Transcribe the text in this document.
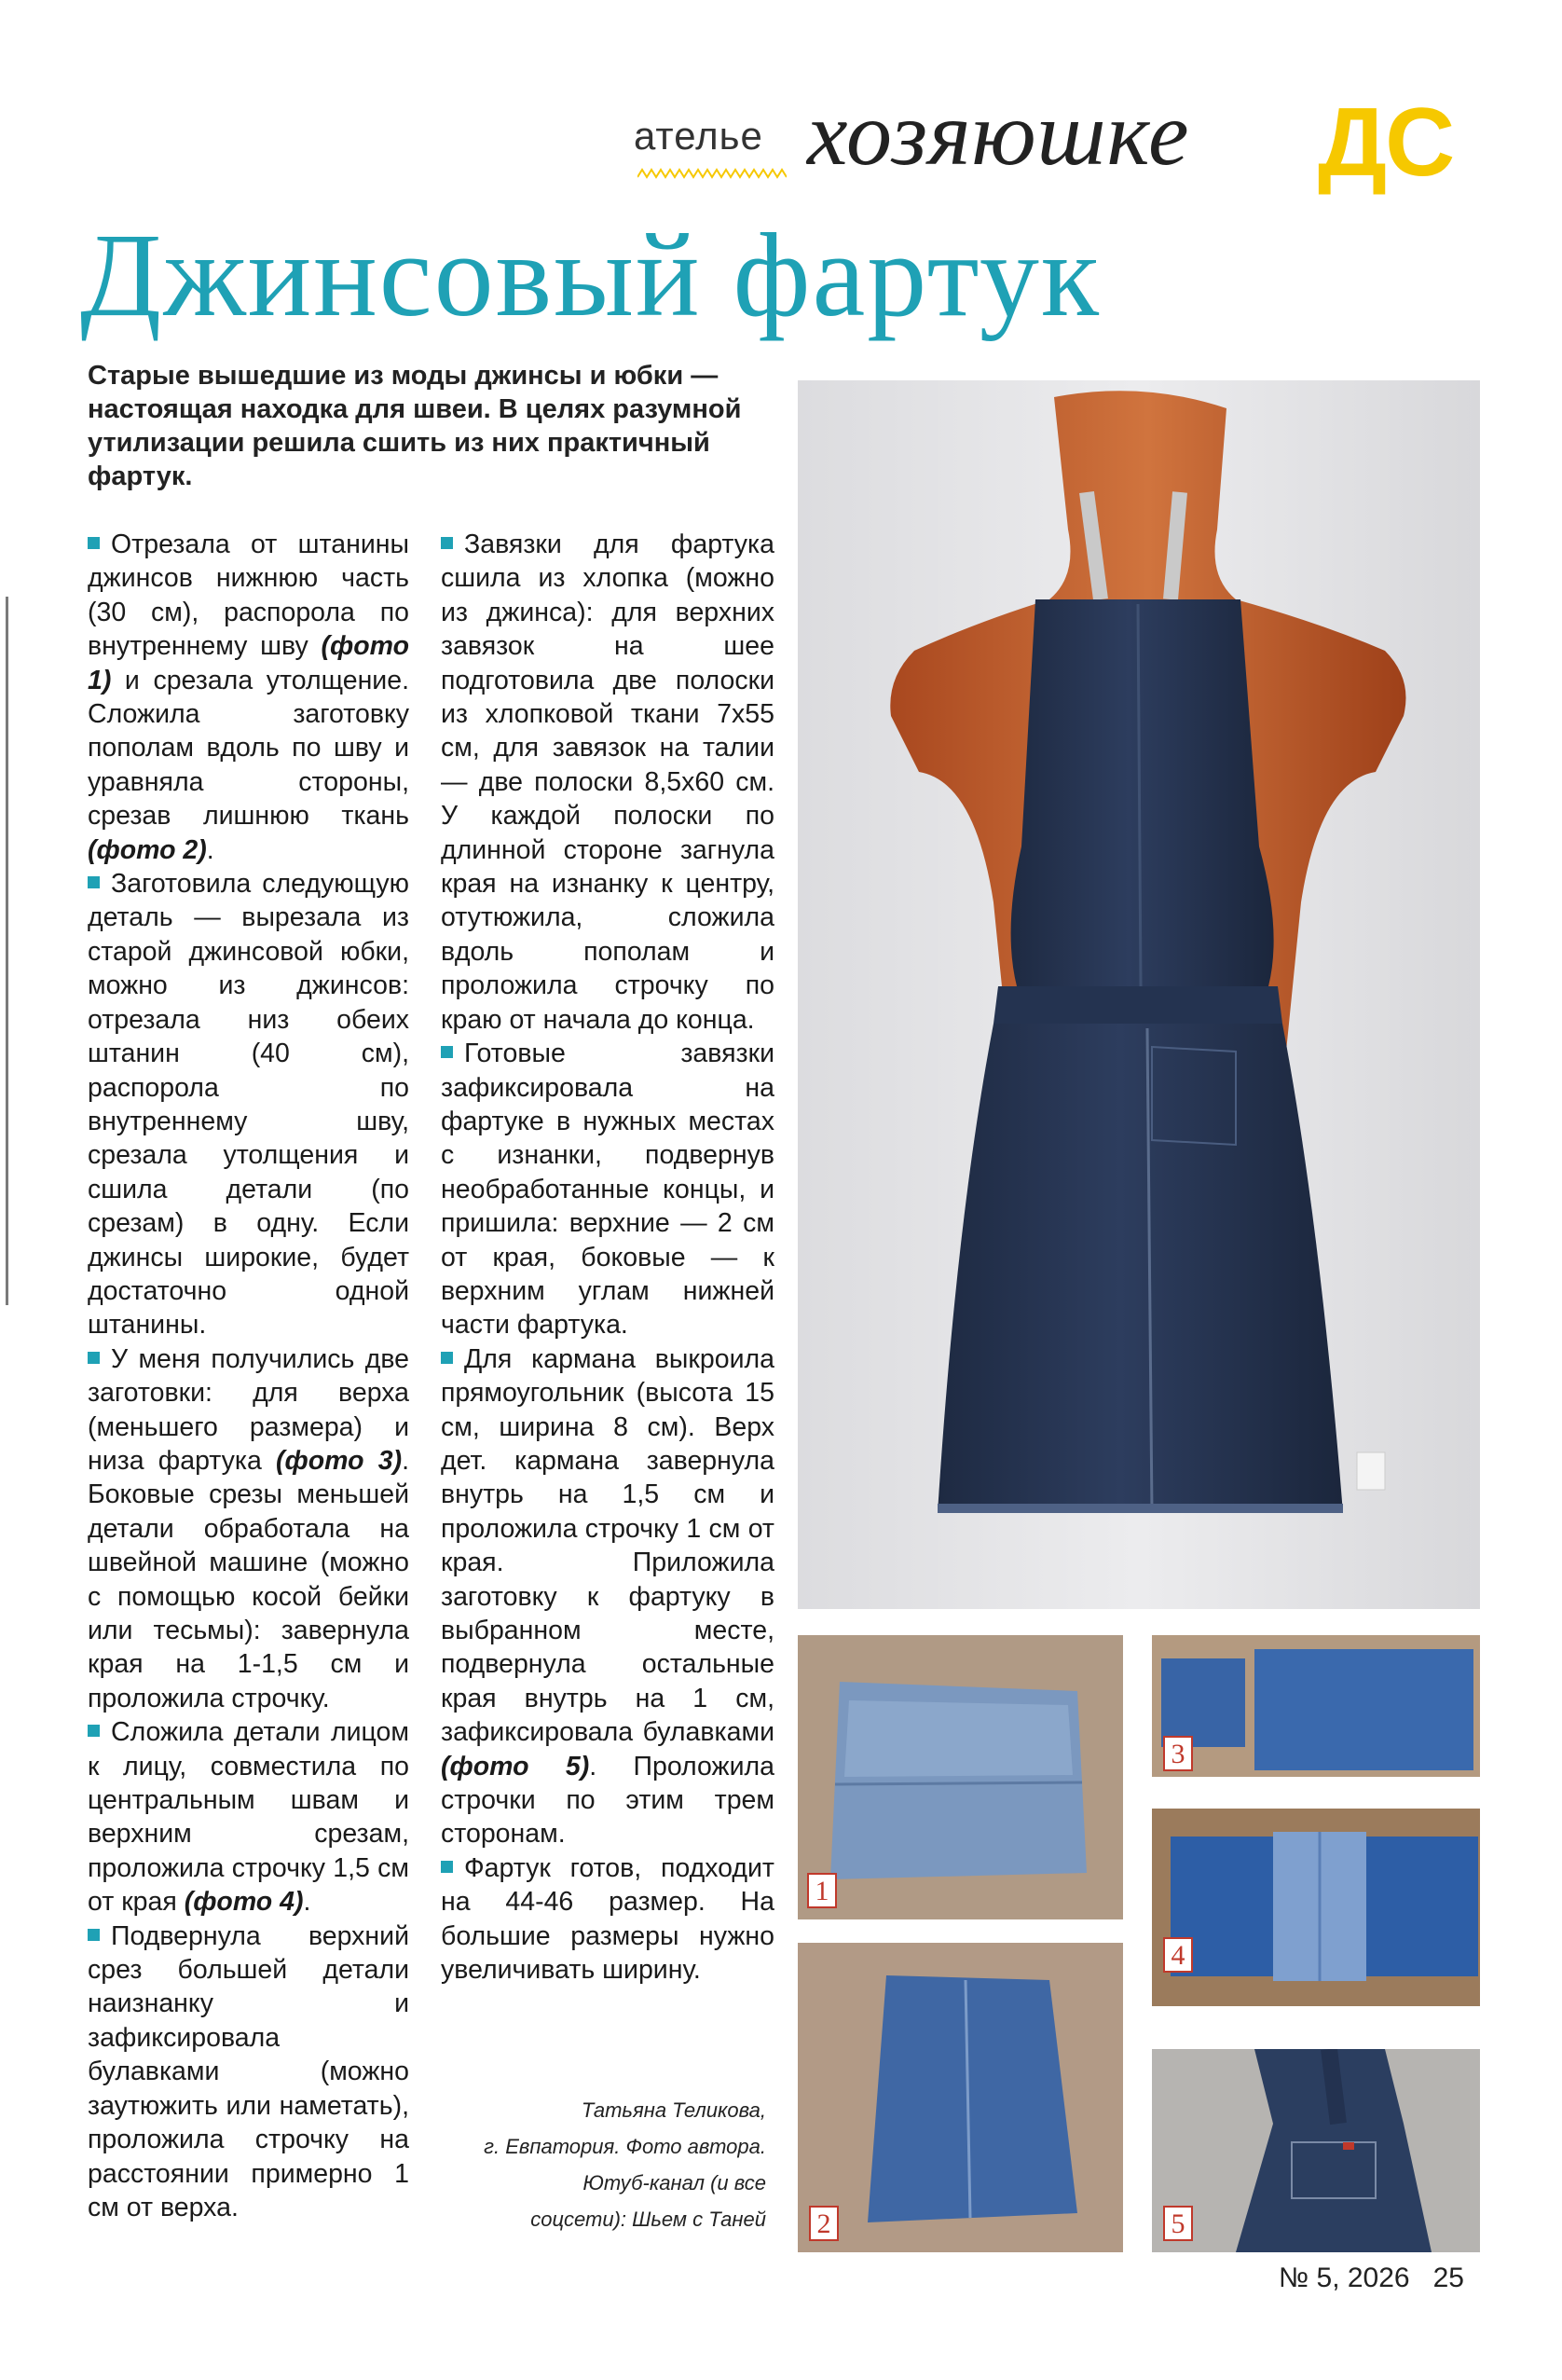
ателье хозяюшке ДС
Джинсовый фартук
Старые вышедшие из моды джинсы и юбки — настоящая находка для швеи. В целях разумной утилизации решила сшить из них практичный фартук.

Отрезала от штанины джинсов нижнюю часть (30 см), распорола по внутреннему шву (фото 1) и срезала утолщение. Сложила заготовку пополам вдоль по шву и уравняла стороны, срезав лишнюю ткань (фото 2).

Заготовила следующую деталь — вырезала из старой джинсовой юбки, можно из джинсов: отрезала низ обеих штанин (40 см), распорола по внутреннему шву, срезала утолщения и сшила детали (по срезам) в одну. Если джинсы широкие, будет достаточно одной штанины.

У меня получились две заготовки: для верха (меньшего размера) и низа фартука (фото 3). Боковые срезы меньшей детали обработала на швейной машине (можно с помощью косой бейки или тесьмы): завернула края на 1-1,5 см и проложила строчку.

Сложила детали лицом к лицу, совместила по центральным швам и верхним срезам, проложила строчку 1,5 см от края (фото 4).

Подвернула верхний срез большей детали наизнанку и зафиксировала булавками (можно заутюжить или наметать), проложила строчку на расстоянии примерно 1 см от верха.

Завязки для фартука сшила из хлопка (можно из джинса): для верхних завязок на шее подготовила две полоски из хлопковой ткани 7x55 см, для завязок на талии — две полоски 8,5x60 см. У каждой полоски по длинной стороне загнула края на изнанку к центру, отутюжила, сложила вдоль пополам и проложила строчку по краю от начала до конца.

Готовые завязки зафиксировала на фартуке в нужных местах с изнанки, подвернув необработанные концы, и пришила: верхние — 2 см от края, боковые — к верхним углам нижней части фартука.

Для кармана выкроила прямоугольник (высота 15 см, ширина 8 см). Верх дет. кармана завернула внутрь на 1,5 см и проложила строчку 1 см от края. Приложила заготовку к фартуку в выбранном месте, подвернула остальные края внутрь на 1 см, зафиксировала булавками (фото 5). Проложила строчки по этим трем сторонам.

Фартук готов, подходит на 44-46 размер. На большие размеры нужно увеличивать ширину.

Татьяна Теликова,
г. Евпатория. Фото автора.
Ютуб-канал (и все
соцсети): Шьем с Таней
1
2
3
4
5
№ 5, 2026   25
